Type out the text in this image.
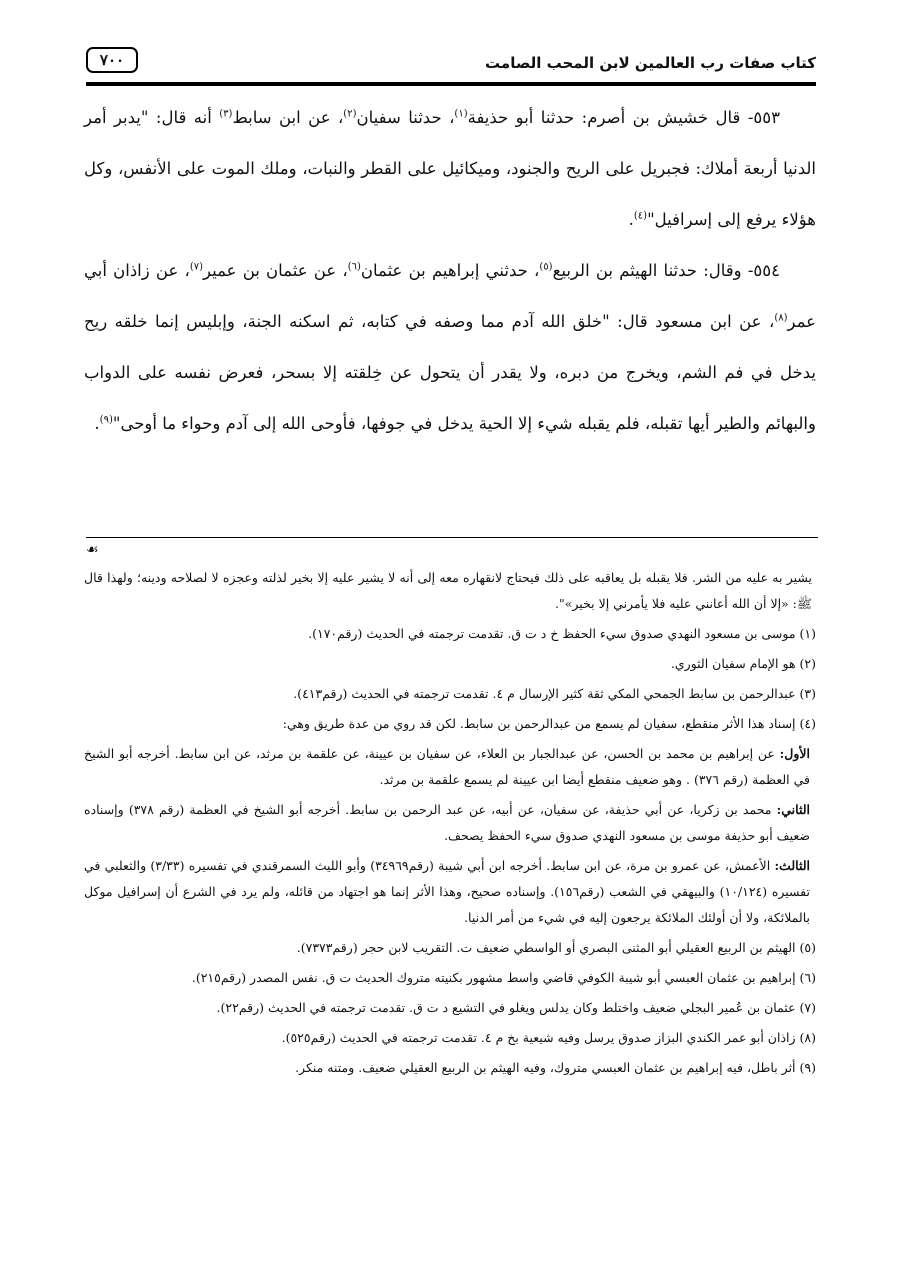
كتاب صفات رب العالمين لابن المحب الصامت
٧٠٠

٥٥٣- قال خشيش بن أصرم: حدثنا أبو حذيفة$^{(١)}$، حدثنا سفيان$^{(٢)}$، عن ابن سابط$^{(٣)}$ أنه قال: "يدبر أمر الدنيا أربعة أملاك: فجبريل على الريح والجنود، وميكائيل على القطر والنبات، وملك الموت على الأنفس، وكل هؤلاء يرفع إلى إسرافيل"$^{(٤)}$.

٥٥٤- وقال: حدثنا الهيثم بن الربيع$^{(٥)}$، حدثني إبراهيم بن عثمان$^{(٦)}$، عن عثمان بن عمير$^{(٧)}$، عن زاذان أبي عمر$^{(٨)}$، عن ابن مسعود قال: "خلق الله آدم مما وصفه في كتابه، ثم اسكنه الجنة، وإبليس إنما خلقه ريح يدخل في فم الشم، ويخرج من دبره، ولا يقدر أن يتحول عن خِلقته إلا بسحر، فعرض نفسه على الدواب والبهائم والطير أيها تقبله، فلم يقبله شيء إلا الحية يدخل في جوفها، فأوحى الله إلى آدم وحواء ما أوحى"$^{(٩)}$.

☙

يشير به عليه من الشر. فلا يقبله بل يعاقبه على ذلك فيحتاج لانقهاره معه إلى أنه لا يشير عليه إلا بخير لذلته وعجزه لا لصلاحه ودينه؛ ولهذا قال ﷺ: «إلا أن الله أعانني عليه فلا يأمرني إلا بخير»".

(١) موسى بن مسعود النهدي صدوق سيء الحفظ خ د ت ق. تقدمت ترجمته في الحديث (رقم١٧٠).

(٢) هو الإمام سفيان الثوري.

(٣) عبدالرحمن بن سابط الجمحي المكي ثقة كثير الإرسال م ٤. تقدمت ترجمته في الحديث (رقم٤١٣).

(٤) إسناد هذا الأثر منقطع، سفيان لم يسمع من عبدالرحمن بن سابط. لكن قد روي من عدة طريق وهي:

الأول: عن إبراهيم بن محمد بن الحسن، عن عبدالجبار بن العلاء، عن سفيان بن عيينة، عن علقمة بن مرثد، عن ابن سابط. أخرجه أبو الشيخ في العظمة (رقم ٣٧٦) . وهو ضعيف منقطع أيضا ابن عيينة لم يسمع علقمة بن مرثد.

الثاني: محمد بن زكريا، عن أبي حذيفة، عن سفيان، عن أبيه، عن عبد الرحمن بن سابط. أخرجه أبو الشيخ في العظمة (رقم ٣٧٨) وإسناده ضعيف أبو حذيفة موسى بن مسعود النهدي صدوق سيء الحفظ يصحف.

الثالث: الأعمش، عن عمرو بن مرة، عن ابن سابط. أخرجه ابن أبي شيبة (رقم٣٤٩٦٩) وأبو الليث السمرقندي في تفسيره (٣/٣٣) والثعلبي في تفسيره (١٠/١٢٤) والبيهقي في الشعب (رقم١٥٦). وإسناده صحيح، وهذا الأثر إنما هو اجتهاد من قائله، ولم يرد في الشرع أن إسرافيل موكل بالملائكة، ولا أن أولئك الملائكة يرجعون إليه في شيء من أمر الدنيا.

(٥) الهيثم بن الربيع العقيلي أبو المثنى البصري أو الواسطي ضعيف ت. التقريب لابن حجر (رقم٧٣٧٣).

(٦) إبراهيم بن عثمان العبسي أبو شيبة الكوفي قاضي واسط مشهور بكنيته متروك الحديث ت ق. نفس المصدر (رقم٢١٥).

(٧) عثمان بن عُمير البجلي ضعيف واختلط وكان يدلس ويغلو في التشيع د ت ق. تقدمت ترجمته في الحديث (رقم٢٢).

(٨) زاذان أبو عمر الكندي البزاز صدوق يرسل وفيه شيعية بخ م ٤. تقدمت ترجمته في الحديث (رقم٥٢٥).

(٩) أثر باطل، فيه إبراهيم بن عثمان العبسي متروك، وفيه الهيثم بن الربيع العقيلي ضعيف. ومتنه منكر.
